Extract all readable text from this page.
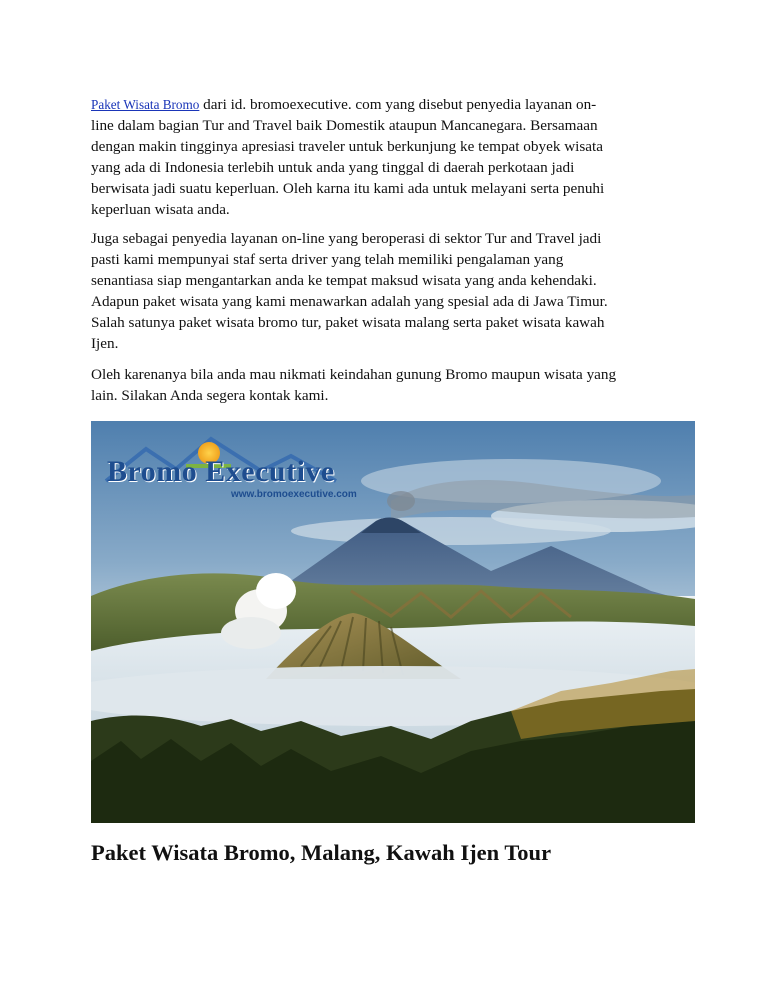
Paket Wisata Bromo dari id. bromoexecutive. com yang disebut penyedia layanan on-
line dalam bagian Tur and Travel baik Domestik ataupun Mancanegara. Bersamaan
dengan makin tingginya apresiasi traveler untuk berkunjung ke tempat obyek wisata
yang ada di Indonesia terlebih untuk anda yang tinggal di daerah perkotaan jadi
berwisata jadi suatu keperluan. Oleh karna itu kami ada untuk melayani serta penuhi
keperluan wisata anda.

Juga sebagai penyedia layanan on-line yang beroperasi di sektor Tur and Travel jadi
pasti kami mempunyai staf serta driver yang telah memiliki pengalaman yang
senantiasa siap mengantarkan anda ke tempat maksud wisata yang anda kehendaki.
Adapun paket wisata yang kami menawarkan adalah yang spesial ada di Jawa Timur.
Salah satunya paket wisata bromo tur, paket wisata malang serta paket wisata kawah
Ijen.

Oleh karenanya bila anda mau nikmati keindahan gunung Bromo maupun wisata yang
lain. Silakan Anda segera kontak kami.

Bromo Executive
www.bromoexecutive.com
Paket Wisata Bromo, Malang, Kawah Ijen Tour
